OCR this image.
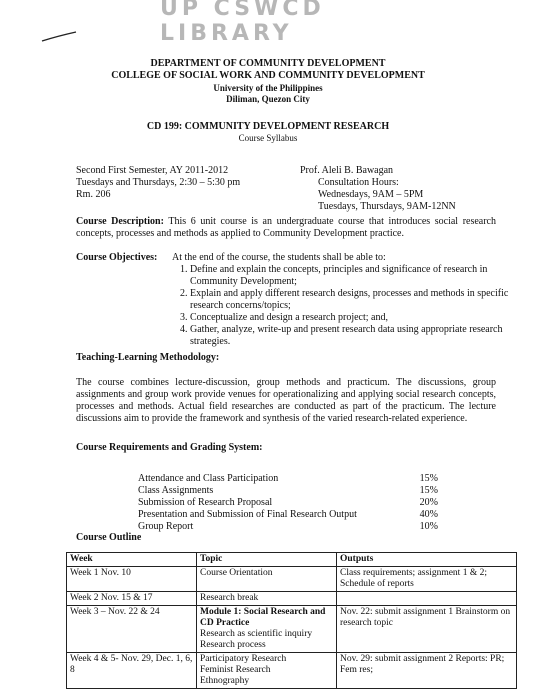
UP CSWCD LIBRARY
DEPARTMENT OF COMMUNITY DEVELOPMENT
COLLEGE OF SOCIAL WORK AND COMMUNITY DEVELOPMENT
University of the Philippines
Diliman, Quezon City
CD 199: COMMUNITY DEVELOPMENT RESEARCH
Course Syllabus
Second First Semester, AY 2011-2012
Tuesdays and Thursdays, 2:30 – 5:30 pm
Rm. 206
Prof. Aleli B. Bawagan
Consultation Hours:
Wednesdays, 9AM – 5PM
Tuesdays, Thursdays, 9AM-12NN
Course Description: This 6 unit course is an undergraduate course that introduces social research concepts, processes and methods as applied to Community Development practice.
Course Objectives: At the end of the course, the students shall be able to:
1. Define and explain the concepts, principles and significance of research in Community Development;
2. Explain and apply different research designs, processes and methods in specific research concerns/topics;
3. Conceptualize and design a research project; and,
4. Gather, analyze, write-up and present research data using appropriate research strategies.
Teaching-Learning Methodology:
The course combines lecture-discussion, group methods and practicum. The discussions, group assignments and group work provide venues for operationalizing and applying social research concepts, processes and methods. Actual field researches are conducted as part of the practicum. The lecture discussions aim to provide the framework and synthesis of the varied research-related experience.
Course Requirements and Grading System:
Attendance and Class Participation	15%
Class Assignments	15%
Submission of Research Proposal	20%
Presentation and Submission of Final Research Output	40%
Group Report	10%
Course Outline
Week	Topic	Outputs
Week 1 Nov. 10	Course Orientation	Class requirements; assignment 1 & 2; Schedule of reports
Week 2 Nov. 15 & 17	Research break	

Week 3 – Nov. 22 & 24	Module 1: Social Research and CD Practice
Research as scientific inquiry
Research process	Nov. 22: submit assignment 1 Brainstorm on research topic
Week 4 & 5- Nov. 29, Dec. 1, 6, 8	Participatory Research
Feminist Research
Ethnography	Nov. 29: submit assignment 2 Reports: PR; Fem res;
